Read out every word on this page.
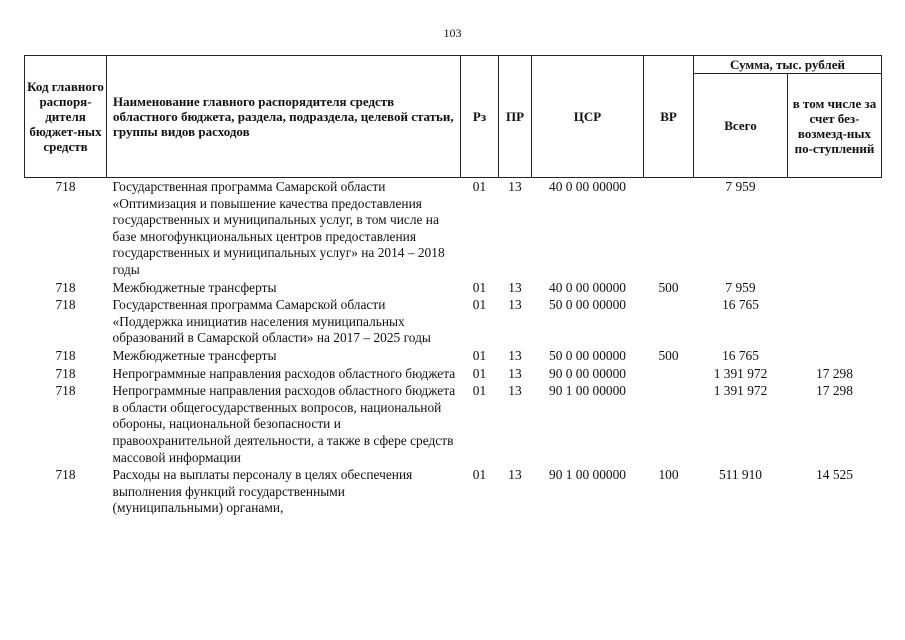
103
Код главного распоря-дителя бюджет-ных средств	Наименование главного распорядителя средств областного бюджета, раздела, подраздела, целевой статьи, группы видов расходов	Рз	ПР	ЦСР	ВР	Сумма, тыс. рублей	
						Всего	в том числе за счет без-возмезд-ных по-ступлений
718	Государственная программа Самарской области «Оптимизация и повышение качества предоставления государственных и муниципальных услуг, в том числе на базе многофункциональных центров предоставления государственных и муниципальных услуг» на 2014 – 2018 годы	01	13	40 0 00 00000		7 959	
718	Межбюджетные трансферты	01	13	40 0 00 00000	500	7 959	
718	Государственная программа Самарской области «Поддержка инициатив населения муниципальных образований в Самарской области» на 2017 – 2025 годы	01	13	50 0 00 00000		16 765	
718	Межбюджетные трансферты	01	13	50 0 00 00000	500	16 765	
718	Непрограммные направления расходов областного бюджета	01	13	90 0 00 00000		1 391 972	17 298
718	Непрограммные направления расходов областного бюджета в области общегосударственных вопросов, национальной обороны, национальной безопасности и правоохранительной деятельности, а также в сфере средств массовой информации	01	13	90 1 00 00000		1 391 972	17 298
718	Расходы на выплаты персоналу в целях обеспечения выполнения функций государственными (муниципальными) органами,	01	13	90 1 00 00000	100	511 910	14 525
